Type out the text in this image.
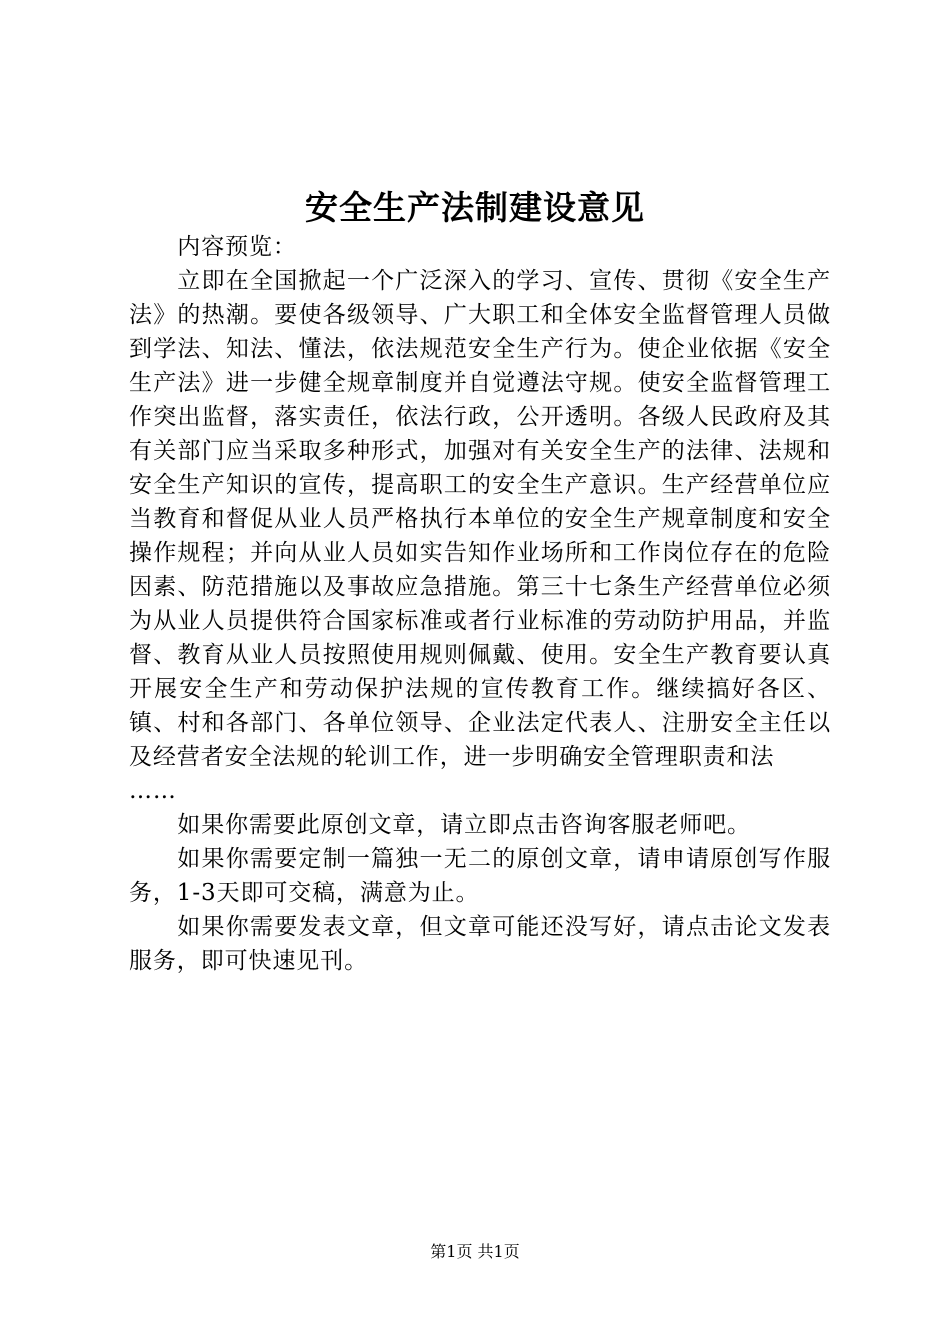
安全生产法制建设意见

内容预览：

立即在全国掀起一个广泛深入的学习、宣传、贯彻《安全生产法》的热潮。要使各级领导、广大职工和全体安全监督管理人员做到学法、知法、懂法，依法规范安全生产行为。使企业依据《安全生产法》进一步健全规章制度并自觉遵法守规。使安全监督管理工作突出监督，落实责任，依法行政，公开透明。各级人民政府及其有关部门应当采取多种形式，加强对有关安全生产的法律、法规和安全生产知识的宣传，提高职工的安全生产意识。生产经营单位应当教育和督促从业人员严格执行本单位的安全生产规章制度和安全操作规程；并向从业人员如实告知作业场所和工作岗位存在的危险因素、防范措施以及事故应急措施。第三十七条生产经营单位必须为从业人员提供符合国家标准或者行业标准的劳动防护用品，并监督、教育从业人员按照使用规则佩戴、使用。安全生产教育要认真开展安全生产和劳动保护法规的宣传教育工作。继续搞好各区、镇、村和各部门、各单位领导、企业法定代表人、注册安全主任以及经营者安全法规的轮训工作，进一步明确安全管理职责和法

……

如果你需要此原创文章，请立即点击咨询客服老师吧。

如果你需要定制一篇独一无二的原创文章，请申请原创写作服务，1-3天即可交稿，满意为止。

如果你需要发表文章，但文章可能还没写好，请点击论文发表服务，即可快速见刊。

第1页 共1页
